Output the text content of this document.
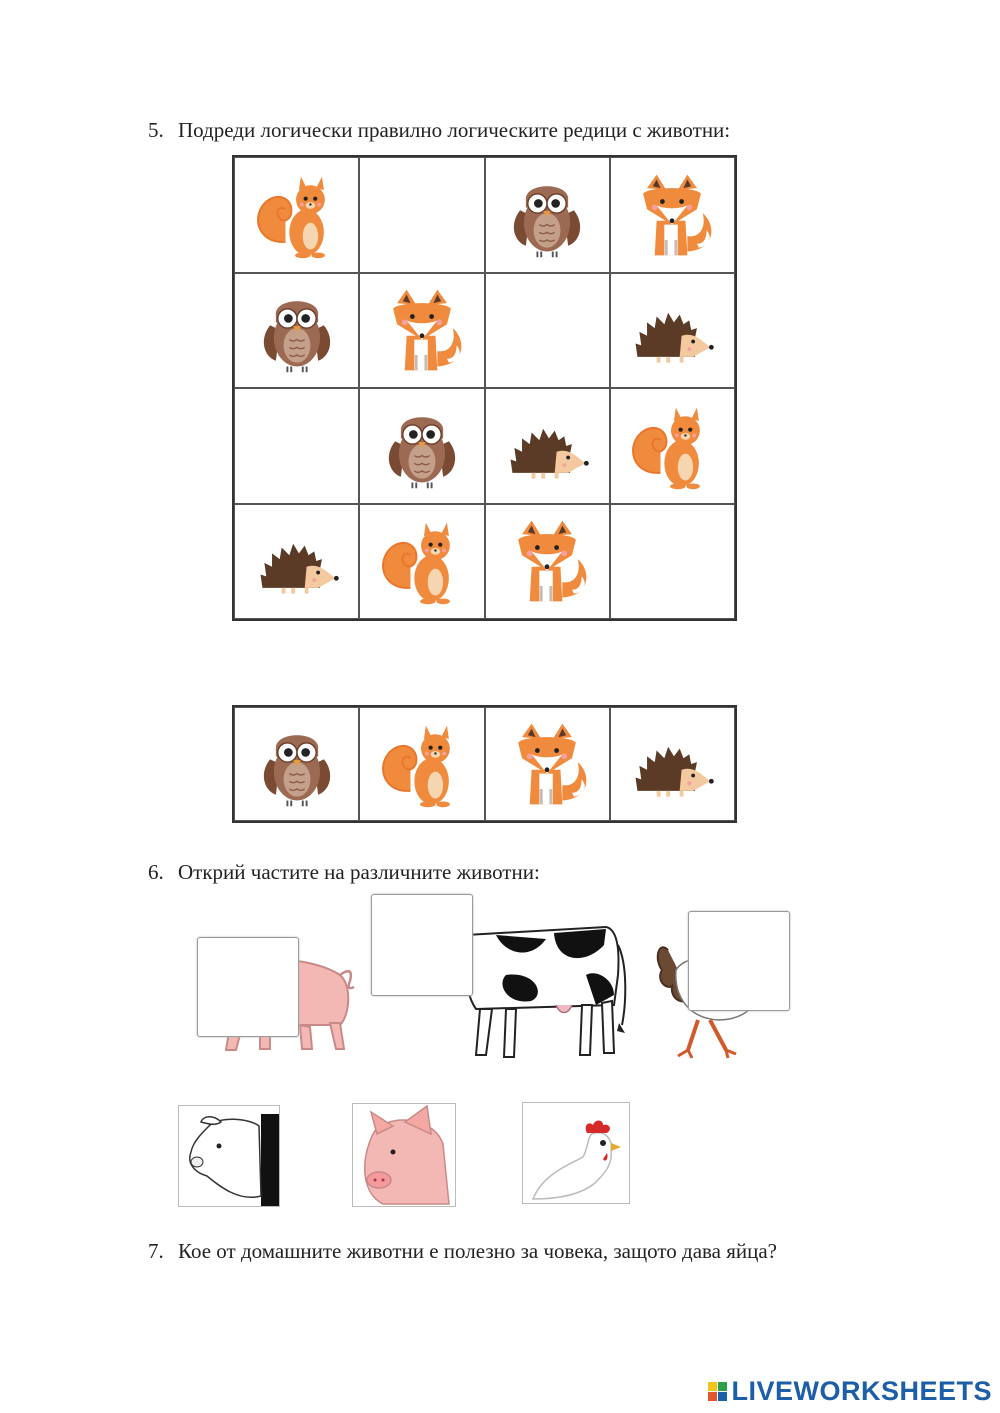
5. Подреди логически правилно логическите редици с животни:
6. Открий частите на различните животни:
7. Кое от домашните животни е полезно за човека, защото дава яйца?
LIVEWORKSHEETS
